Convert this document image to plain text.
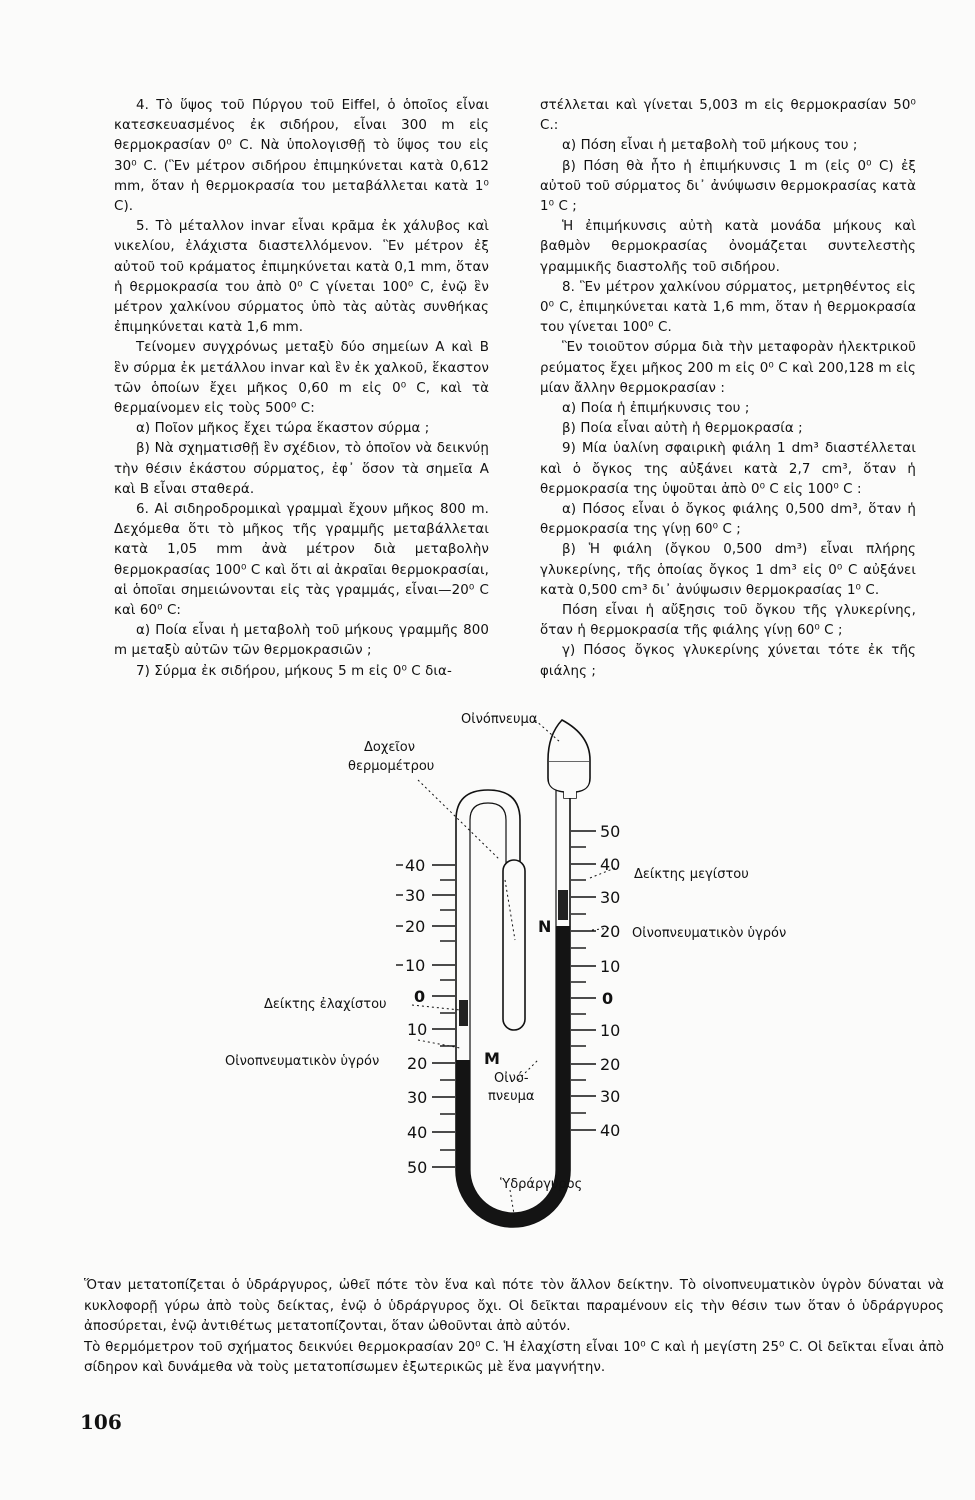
4. Τὸ ὕψος τοῦ Πύργου τοῦ Eiffel, ὁ ὁποῖος εἶναι κατεσκευασμένος ἐκ σιδήρου, εἶναι 300 m εἰς θερμοκρασίαν 0⁰ C. Νὰ ὑπολογισθῇ τὸ ὕψος του εἰς 30⁰ C. (Ἓν μέτρον σιδήρου ἐπιμηκύνεται κατὰ 0,612 mm, ὅταν ἡ θερμοκρασία του μεταβάλλεται κατὰ 1⁰ C).

5. Τὸ μέταλλον invar εἶναι κρᾶμα ἐκ χάλυβος καὶ νικελίου, ἐλάχιστα διαστελλόμενον. Ἓν μέτρον ἐξ αὐτοῦ τοῦ κράματος ἐπιμηκύνεται κατὰ 0,1 mm, ὅταν ἡ θερμοκρασία του ἀπὸ 0⁰ C γίνεται 100⁰ C, ἐνῷ ἓν μέτρον χαλκίνου σύρματος ὑπὸ τὰς αὐτὰς συνθήκας ἐπιμηκύνεται κατὰ 1,6 mm.

Τείνομεν συγχρόνως μεταξὺ δύο σημείων Α καὶ Β ἓν σύρμα ἐκ μετάλλου invar καὶ ἓν ἐκ χαλκοῦ, ἕκαστον τῶν ὁποίων ἔχει μῆκος 0,60 m εἰς 0⁰ C, καὶ τὰ θερμαίνομεν εἰς τοὺς 500⁰ C:

α) Ποῖον μῆκος ἔχει τώρα ἕκαστον σύρμα ;

β) Νὰ σχηματισθῇ ἓν σχέδιον, τὸ ὁποῖον νὰ δεικνύῃ τὴν θέσιν ἑκάστου σύρματος, ἐφ᾽ ὅσον τὰ σημεῖα Α καὶ Β εἶναι σταθερά.

6. Αἱ σιδηροδρομικαὶ γραμμαὶ ἔχουν μῆκος 800 m. Δεχόμεθα ὅτι τὸ μῆκος τῆς γραμμῆς μεταβάλλεται κατὰ 1,05 mm ἀνὰ μέτρον διὰ μεταβολὴν θερμοκρασίας 100⁰ C καὶ ὅτι αἱ ἀκραῖαι θερμοκρασίαι, αἱ ὁποῖαι σημειώνονται εἰς τὰς γραμμάς, εἶναι—20⁰ C καὶ 60⁰ C:

α) Ποία εἶναι ἡ μεταβολὴ τοῦ μήκους γραμμῆς 800 m μεταξὺ αὐτῶν τῶν θερμοκρασιῶν ;

7) Σύρμα ἐκ σιδήρου, μήκους 5 m εἰς 0⁰ C δια-

στέλλεται καὶ γίνεται 5,003 m εἰς θερμοκρασίαν 50⁰ C.:

α) Πόση εἶναι ἡ μεταβολὴ τοῦ μήκους του ;

β) Πόση θὰ ἦτο ἡ ἐπιμήκυνσις 1 m (εἰς 0⁰ C) ἐξ αὐτοῦ τοῦ σύρματος δι᾽ ἀνύψωσιν θερμοκρασίας κατὰ 1⁰ C ;

Ἡ ἐπιμήκυνσις αὐτὴ κατὰ μονάδα μήκους καὶ βαθμὸν θερμοκρασίας ὀνομάζεται συντελεστὴς γραμμικῆς διαστολῆς τοῦ σιδήρου.

8. Ἓν μέτρον χαλκίνου σύρματος, μετρηθέντος εἰς 0⁰ C, ἐπιμηκύνεται κατὰ 1,6 mm, ὅταν ἡ θερμοκρασία του γίνεται 100⁰ C.

Ἓν τοιοῦτον σύρμα διὰ τὴν μεταφορὰν ἠλεκτρικοῦ ρεύματος ἔχει μῆκος 200 m εἰς 0⁰ C καὶ 200,128 m εἰς μίαν ἄλλην θερμοκρασίαν :

α) Ποία ἡ ἐπιμήκυνσις του ;

β) Ποία εἶναι αὐτὴ ἡ θερμοκρασία ;

9) Μία ὑαλίνη σφαιρικὴ φιάλη 1 dm³ διαστέλλεται καὶ ὁ ὄγκος της αὐξάνει κατὰ 2,7 cm³, ὅταν ἡ θερμοκρασία της ὑψοῦται ἀπὸ 0⁰ C εἰς 100⁰ C :

α) Πόσος εἶναι ὁ ὄγκος φιάλης 0,500 dm³, ὅταν ἡ θερμοκρασία της γίνῃ 60⁰ C ;

β) Ἡ φιάλη (ὄγκου 0,500 dm³) εἶναι πλήρης γλυκερίνης, τῆς ὁποίας ὄγκος 1 dm³ εἰς 0⁰ C αὐξάνει κατὰ 0,500 cm³ δι᾽ ἀνύψωσιν θερμοκρασίας 1⁰ C.

Πόση εἶναι ἡ αὔξησις τοῦ ὄγκου τῆς γλυκερίνης, ὅταν ἡ θερμοκρασία τῆς φιάλης γίνῃ 60⁰ C ;

γ) Πόσος ὄγκος γλυκερίνης χύνεται τότε ἐκ τῆς φιάλης ;

40
30
20
10
0
10
20
30
40
50
50
40
30
20
10
0
10
20
30
40
Οἰνόπνευμα
Δοχεῖον
θερμομέτρου
Δείκτης μεγίστου
Οἰνοπνευματικὸν ὑγρόν
Δείκτης ἐλαχίστου
Οἰνοπνευματικὸν ὑγρόν
Οἰνό-
πνευμα
Ὑδράργυρος
N
M

Ὅταν μετατοπίζεται ὁ ὑδράργυρος, ὠθεῖ πότε τὸν ἕνα καὶ πότε τὸν ἄλλον δείκτην. Τὸ οἰνοπνευματικὸν ὑγρὸν δύναται νὰ κυκλοφορῇ γύρω ἀπὸ τοὺς δείκτας, ἐνῷ ὁ ὑδράργυρος ὄχι. Οἱ δεῖκται παραμένουν εἰς τὴν θέσιν των ὅταν ὁ ὑδράργυρος ἀποσύρεται, ἐνῷ ἀντιθέτως μετατοπίζονται, ὅταν ὠθοῦνται ἀπὸ αὐτόν.

Τὸ θερμόμετρον τοῦ σχήματος δεικνύει θερμοκρασίαν 20⁰ C. Ἡ ἐλαχίστη εἶναι 10⁰ C καὶ ἡ μεγίστη 25⁰ C. Οἱ δεῖκται εἶναι ἀπὸ σίδηρον καὶ δυνάμεθα νὰ τοὺς μετατοπίσωμεν ἐξωτερικῶς μὲ ἕνα μαγνήτην.

106
